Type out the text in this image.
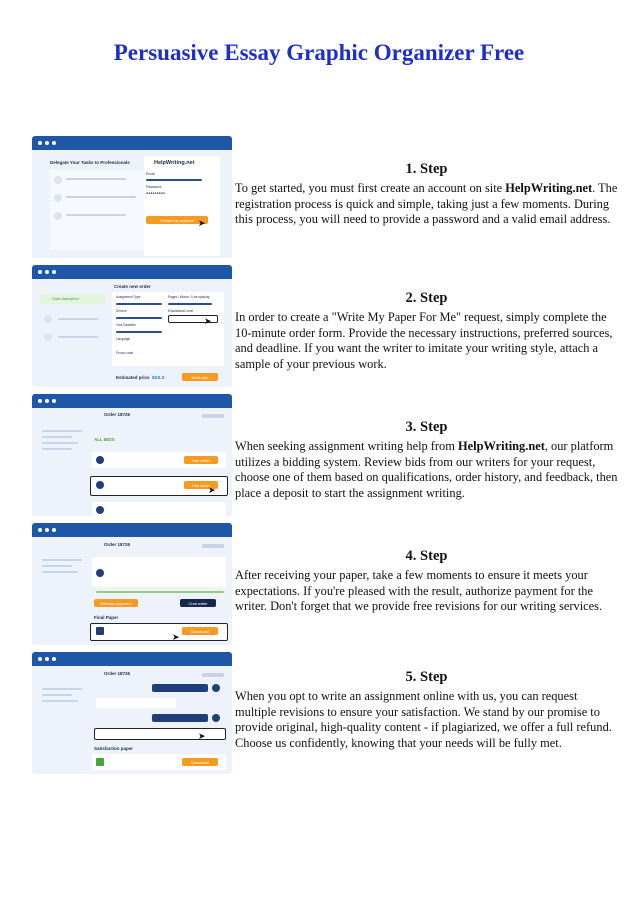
Persuasive Essay Graphic Organizer Free
Delegate Your Tasks to Professionals	HelpWriting.net
Email
Password
●●●●●●●●●
Create my account ➤
Create new order
Order description	Assignment Type	Pages / Words / Line spacing
Service	Educational Level
Your Deadline
Language
Promo code
➤
Estimated price $XX.X	Next step
Order 18726
ALL BIDS
Hire writer
Hire writer
➤
Order 18726
Release payment	Chat writer
Final Paper
Download
➤
Order 18726
➤
Satisfaction paper
Download
1. Step

To get started, you must first create an account on site HelpWriting.net. The registration process is quick and simple, taking just a few moments. During this process, you will need to provide a password and a valid email address.

2. Step

In order to create a "Write My Paper For Me" request, simply complete the 10-minute order form. Provide the necessary instructions, preferred sources, and deadline. If you want the writer to imitate your writing style, attach a sample of your previous work.

3. Step

When seeking assignment writing help from HelpWriting.net, our platform utilizes a bidding system. Review bids from our writers for your request, choose one of them based on qualifications, order history, and feedback, then place a deposit to start the assignment writing.

4. Step

After receiving your paper, take a few moments to ensure it meets your expectations. If you're pleased with the result, authorize payment for the writer. Don't forget that we provide free revisions for our writing services.

5. Step

When you opt to write an assignment online with us, you can request multiple revisions to ensure your satisfaction. We stand by our promise to provide original, high-quality content - if plagiarized, we offer a full refund. Choose us confidently, knowing that your needs will be fully met.
